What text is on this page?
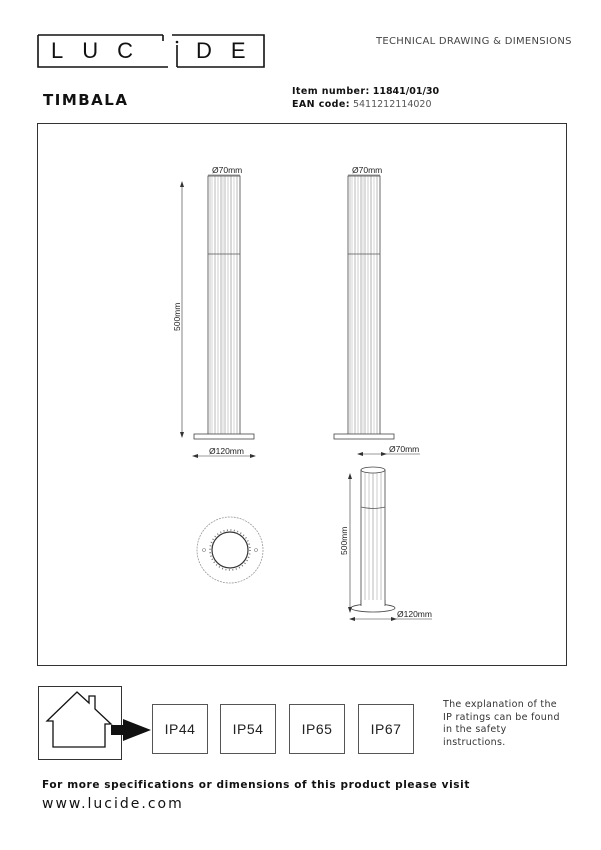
LUC DE	TECHNICAL DRAWING & DIMENSIONS
TIMBALA	Item number: 11841/01/30
EAN code: 5411212114020
Ø70mm
500mm
Ø120mm
Ø70mm
Ø70mm
500mm
Ø120mm
IP44	IP54	IP65	IP67
The explanation of the
IP ratings can be found
in the safety
instructions.
For more specifications or dimensions of this product please visit
www.lucide.com
